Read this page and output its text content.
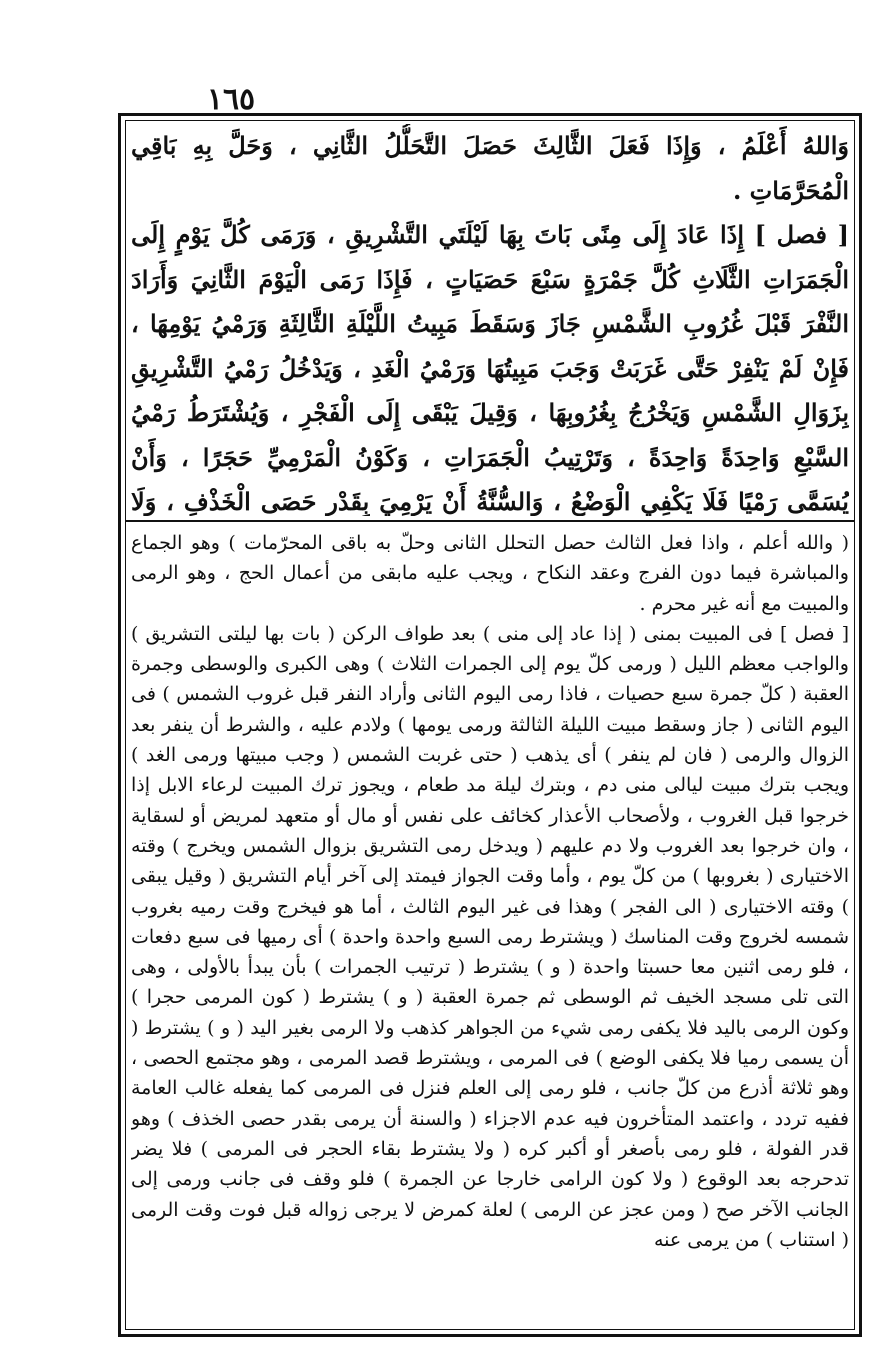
١٦٥

وَاللهُ أَعْلَمُ ، وَإِذَا فَعَلَ الثَّالِثَ حَصَلَ التَّحَلُّلُ الثَّانِي ، وَحَلَّ بِهِ بَاقِي الْمُحَرَّمَاتِ .

[ فصل ] إِذَا عَادَ إِلَى مِنًى بَاتَ بِهَا لَيْلَتَي التَّشْرِيقِ ، وَرَمَى كُلَّ يَوْمٍ إِلَى الْجَمَرَاتِ الثَّلَاثِ كُلَّ جَمْرَةٍ سَبْعَ حَصَيَاتٍ ، فَإِذَا رَمَى الْيَوْمَ الثَّانِيَ وَأَرَادَ النَّفْرَ قَبْلَ غُرُوبِ الشَّمْسِ جَازَ وَسَقَطَ مَبِيتُ اللَّيْلَةِ الثَّالِثَةِ وَرَمْيُ يَوْمِهَا ، فَإِنْ لَمْ يَنْفِرْ حَتَّى غَرَبَتْ وَجَبَ مَبِيتُهَا وَرَمْيُ الْغَدِ ، وَيَدْخُلُ رَمْيُ التَّشْرِيقِ بِزَوَالِ الشَّمْسِ وَيَخْرُجُ بِغُرُوبِهَا ، وَقِيلَ يَبْقَى إِلَى الْفَجْرِ ، وَيُشْتَرَطُ رَمْيُ السَّبْعِ وَاحِدَةً وَاحِدَةً ، وَتَرْتِيبُ الْجَمَرَاتِ ، وَكَوْنُ الْمَرْمِيِّ حَجَرًا ، وَأَنْ يُسَمَّى رَمْيًا فَلَا يَكْفِي الْوَضْعُ ، وَالسُّنَّةُ أَنْ يَرْمِيَ بِقَدْرِ حَصَى الْخَذْفِ ، وَلَا

( والله أعلم ، واذا فعل الثالث حصل التحلل الثانى وحلّ به باقى المحرّمات ) وهو الجماع والمباشرة فيما دون الفرج وعقد النكاح ، ويجب عليه مابقى من أعمال الحج ، وهو الرمى والمبيت مع أنه غير محرم .

[ فصل ] فى المبيت بمنى ( إذا عاد إلى منى ) بعد طواف الركن ( بات بها ليلتى التشريق ) والواجب معظم الليل ( ورمى كلّ يوم إلى الجمرات الثلاث ) وهى الكبرى والوسطى وجمرة العقبة ( كلّ جمرة سبع حصيات ، فاذا رمى اليوم الثانى وأراد النفر قبل غروب الشمس ) فى اليوم الثانى ( جاز وسقط مبيت الليلة الثالثة ورمى يومها ) ولادم عليه ، والشرط أن ينفر بعد الزوال والرمى ( فان لم ينفر ) أى يذهب ( حتى غربت الشمس ( وجب مبيتها ورمى الغد ) ويجب بترك مبيت ليالى منى دم ، وبترك ليلة مد طعام ، ويجوز ترك المبيت لرعاء الابل إذا خرجوا قبل الغروب ، ولأصحاب الأعذار كخائف على نفس أو مال أو متعهد لمريض أو لسقاية ، وان خرجوا بعد الغروب ولا دم عليهم ( ويدخل رمى التشريق بزوال الشمس ويخرج ) وقته الاختيارى ( بغروبها ) من كلّ يوم ، وأما وقت الجواز فيمتد إلى آخر أيام التشريق ( وقيل يبقى ) وقته الاختيارى ( الى الفجر ) وهذا فى غير اليوم الثالث ، أما هو فيخرج وقت رميه بغروب شمسه لخروج وقت المناسك ( ويشترط رمى السبع واحدة واحدة ) أى رميها فى سبع دفعات ، فلو رمى اثنين معا حسبتا واحدة ( و ) يشترط ( ترتيب الجمرات ) بأن يبدأ بالأولى ، وهى التى تلى مسجد الخيف ثم الوسطى ثم جمرة العقبة ( و ) يشترط ( كون المرمى حجرا ) وكون الرمى باليد فلا يكفى رمى شيء من الجواهر كذهب ولا الرمى بغير اليد ( و ) يشترط ( أن يسمى رميا فلا يكفى الوضع ) فى المرمى ، ويشترط قصد المرمى ، وهو مجتمع الحصى ، وهو ثلاثة أذرع من كلّ جانب ، فلو رمى إلى العلم فنزل فى المرمى كما يفعله غالب العامة ففيه تردد ، واعتمد المتأخرون فيه عدم الاجزاء ( والسنة أن يرمى بقدر حصى الخذف ) وهو قدر الفولة ، فلو رمى بأصغر أو أكبر كره ( ولا يشترط بقاء الحجر فى المرمى ) فلا يضر تدحرجه بعد الوقوع ( ولا كون الرامى خارجا عن الجمرة ) فلو وقف فى جانب ورمى إلى الجانب الآخر صح ( ومن عجز عن الرمى ) لعلة كمرض لا يرجى زواله قبل فوت وقت الرمى ( استناب ) من يرمى عنه
